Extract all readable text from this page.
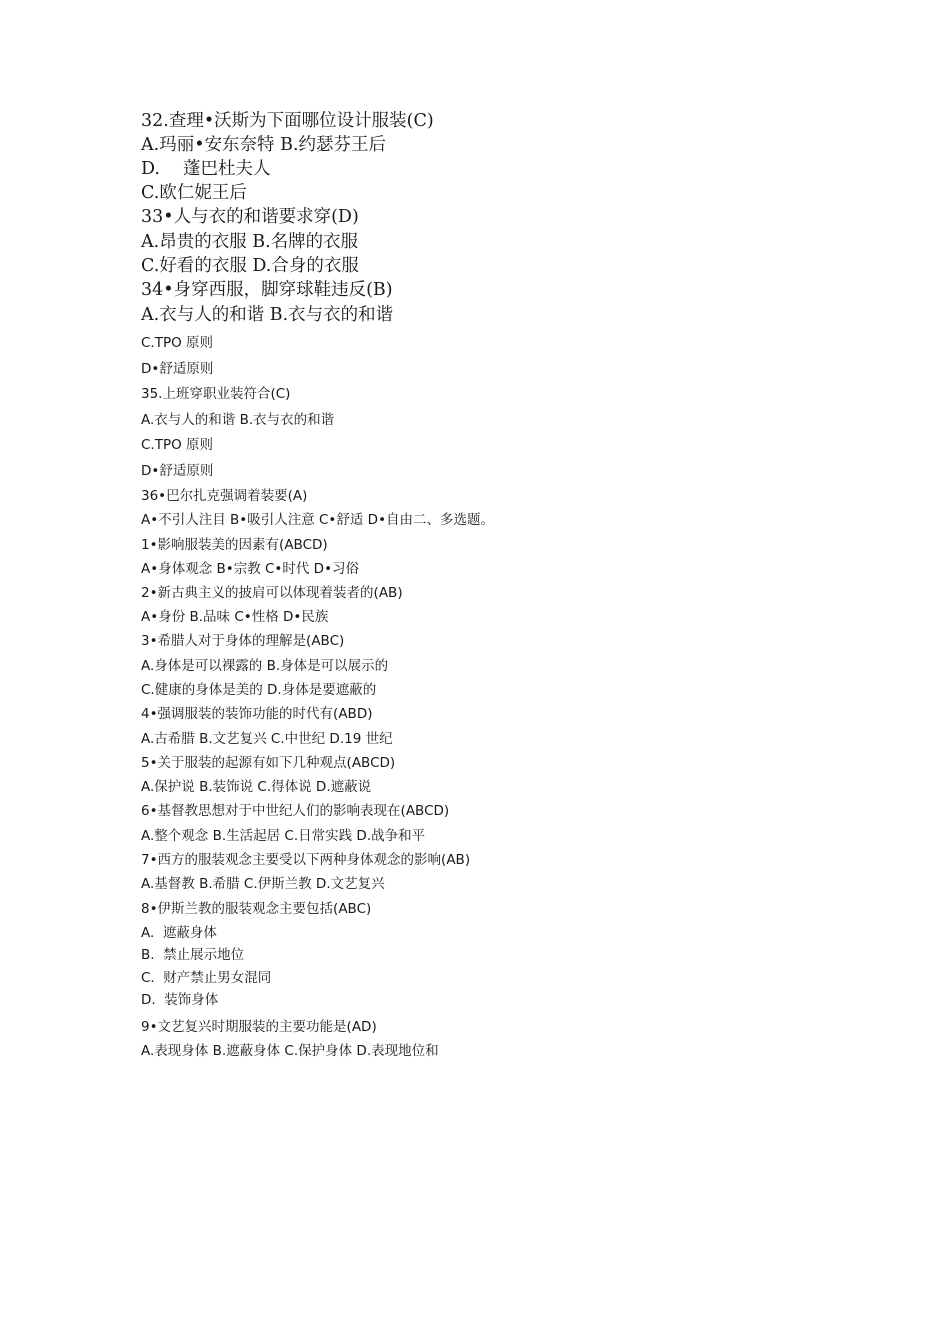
32.查理•沃斯为下面哪位设计服装(C)

A.玛丽•安东奈特 B.约瑟芬王后

D.　 蓬巴杜夫人

C.欧仁妮王后

33•人与衣的和谐要求穿(D)

A.昂贵的衣服 B.名牌的衣服

C.好看的衣服 D.合身的衣服

34•身穿西服，脚穿球鞋违反(B)

A.衣与人的和谐 B.衣与衣的和谐

C.TPO 原则

D•舒适原则

35.上班穿职业装符合(C)

A.衣与人的和谐 B.衣与衣的和谐

C.TPO 原则

D•舒适原则

36•巴尔扎克强调着装要(A)

A•不引人注目 B•吸引人注意 C•舒适 D•自由二、多选题。

1•影响服装美的因素有(ABCD)

A•身体观念 B•宗教 C•时代 D•习俗

2•新古典主义的披肩可以体现着装者的(AB)

A•身份 B.品味 C•性格 D•民族

3•希腊人对于身体的理解是(ABC)

A.身体是可以裸露的 B.身体是可以展示的

C.健康的身体是美的 D.身体是要遮蔽的

4•强调服装的装饰功能的时代有(ABD)

A.古希腊 B.文艺复兴 C.中世纪 D.19 世纪

5•关于服装的起源有如下几种观点(ABCD)

A.保护说 B.装饰说 C.得体说 D.遮蔽说

6•基督教思想对于中世纪人们的影响表现在(ABCD)

A.整个观念 B.生活起居 C.日常实践 D.战争和平

7•西方的服装观念主要受以下两种身体观念的影响(AB)

A.基督教 B.希腊 C.伊斯兰教 D.文艺复兴

8•伊斯兰教的服装观念主要包括(ABC)

A.  遮蔽身体

B.  禁止展示地位

C.  财产禁止男女混同

D.  装饰身体

9•文艺复兴时期服装的主要功能是(AD)

A.表现身体 B.遮蔽身体 C.保护身体 D.表现地位和
